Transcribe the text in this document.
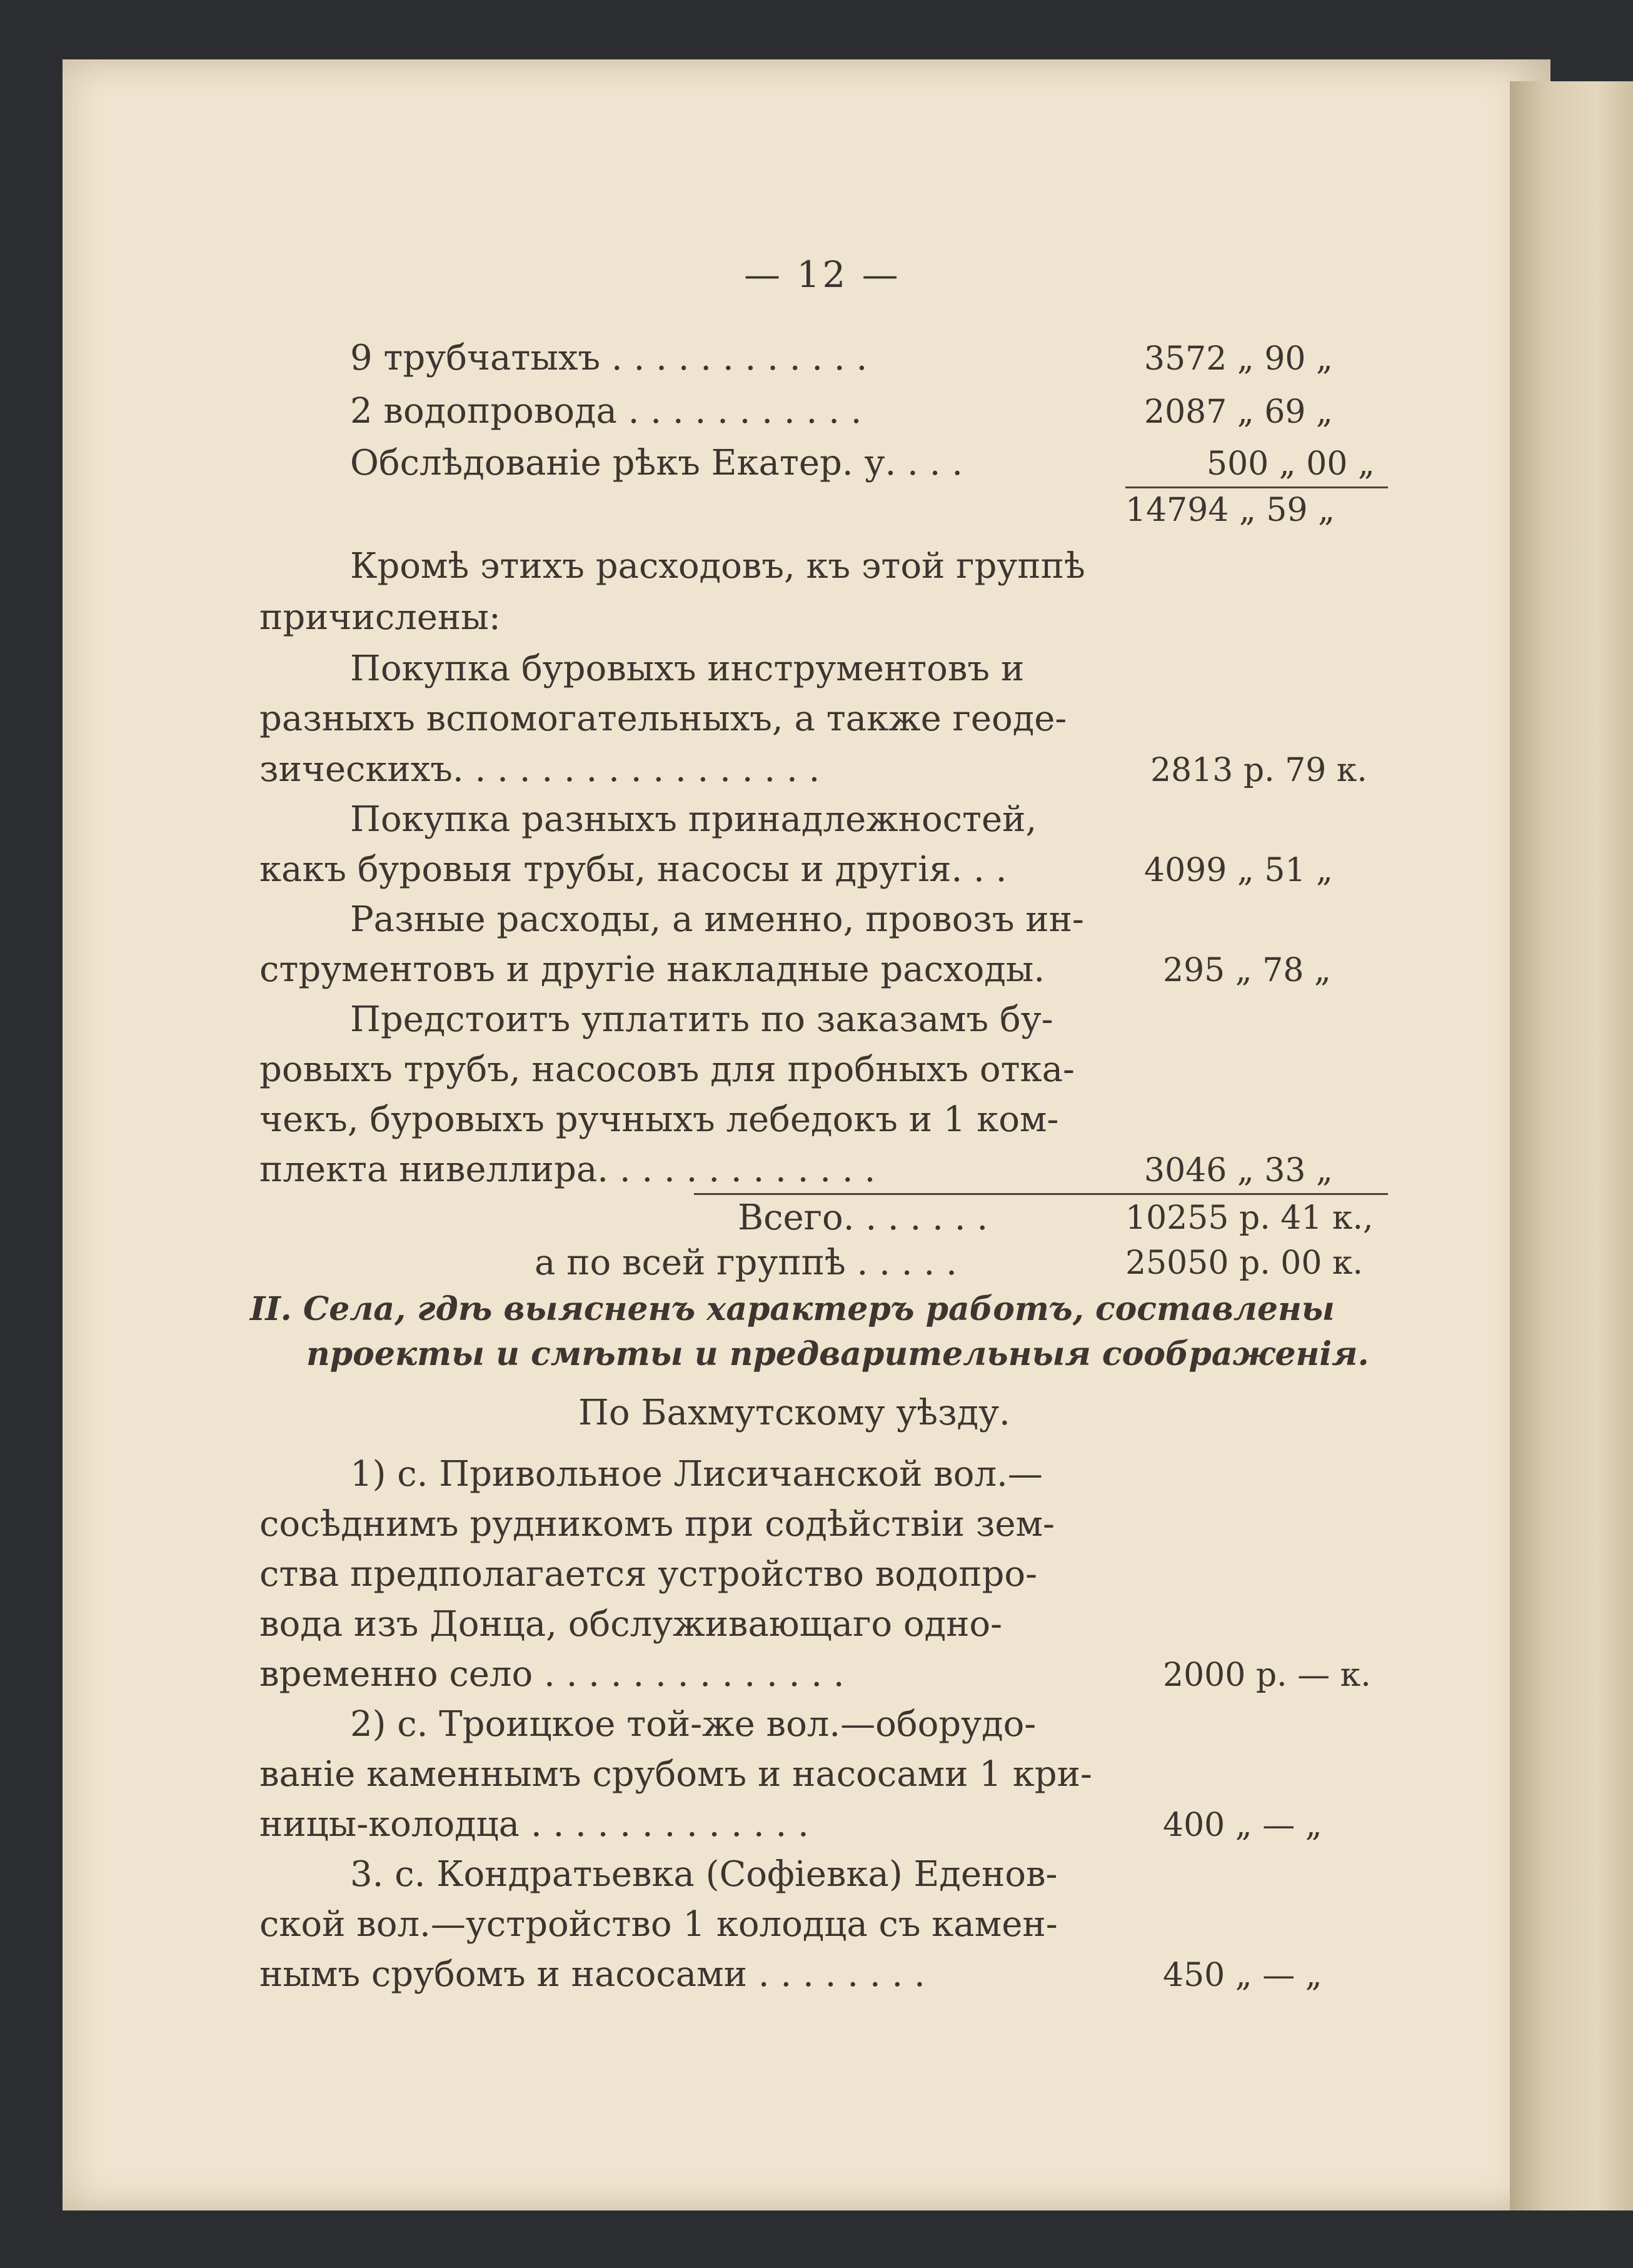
— 12 —
9 трубчатыхъ . . . . . . . . . . . .	3572 „ 90 „
2 водопровода . . . . . . . . . . .	2087 „ 69 „
Обслѣдованіе рѣкъ Екатер. у. . . .	500 „ 00 „
14794 „ 59 „
Кромѣ этихъ расходовъ, къ этой группѣ
причислены:
Покупка буровыхъ инструментовъ и
разныхъ вспомогательныхъ, а также геоде-
зическихъ. . . . . . . . . . . . . . . . .	2813 р. 79 к.
Покупка разныхъ принадлежностей,
какъ буровыя трубы, насосы и другія. . .	4099 „ 51 „
Разные расходы, а именно, провозъ ин-
струментовъ и другіе накладные расходы.	295 „ 78 „
Предстоитъ уплатить по заказамъ бу-
ровыхъ трубъ, насосовъ для пробныхъ отка-
чекъ, буровыхъ ручныхъ лебедокъ и 1 ком-
плекта нивеллира. . . . . . . . . . . . .	3046 „ 33 „
Всего. . . . . . .	10255 р. 41 к.,
а по всей группѣ . . . . .	25050 р. 00 к.
II. Села, гдѣ выясненъ характеръ работъ, составлены
проекты и смѣты и предварительныя соображенія.
По Бахмутскому уѣзду.
1) с. Привольное Лисичанской вол.—
сосѣднимъ рудникомъ при содѣйствіи зем-
ства предполагается устройство водопро-
вода изъ Донца, обслуживающаго одно-
временно село . . . . . . . . . . . . . .	2000 р. — к.
2) с. Троицкое той-же вол.—оборудо-
ваніе каменнымъ срубомъ и насосами 1 кри-
ницы-колодца . . . . . . . . . . . . .	400 „ — „
3. с. Кондратьевка (Софіевка) Еденов-
ской вол.—устройство 1 колодца съ камен-
нымъ срубомъ и насосами . . . . . . . .	450 „ — „
